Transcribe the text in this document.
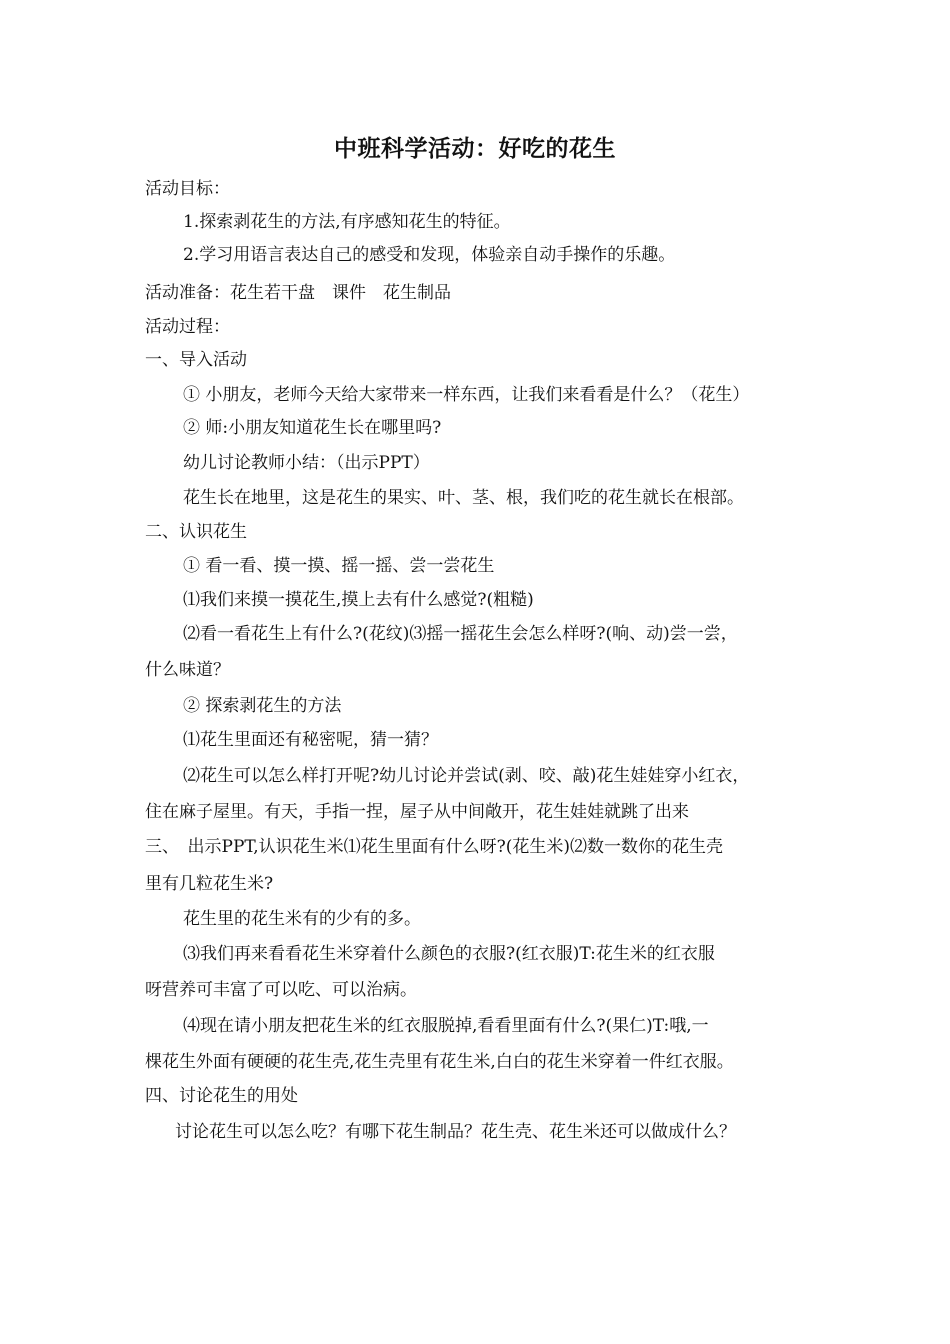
中班科学活动：好吃的花生
活动目标：
1.探索剥花生的方法,有序感知花生的特征。
2.学习用语言表达自己的感受和发现，体验亲自动手操作的乐趣。
活动准备：花生若干盘　课件　花生制品
活动过程：
一、导入活动
① 小朋友，老师今天给大家带来一样东西，让我们来看看是什么？（花生）
② 师:小朋友知道花生长在哪里吗?
幼儿讨论教师小结：（出示PPT）
花生长在地里，这是花生的果实、叶、茎、根，我们吃的花生就长在根部。
二、认识花生
① 看一看、摸一摸、摇一摇、尝一尝花生
⑴我们来摸一摸花生,摸上去有什么感觉?(粗糙)
⑵看一看花生上有什么?(花纹)⑶摇一摇花生会怎么样呀?(响、动)尝一尝，
什么味道？
② 探索剥花生的方法
⑴花生里面还有秘密呢，猜一猜？
⑵花生可以怎么样打开呢?幼儿讨论并尝试(剥、咬、敲)花生娃娃穿小红衣，
住在麻子屋里。有天，手指一捏，屋子从中间敞开，花生娃娃就跳了出来
三、　出示PPT,认识花生米⑴花生里面有什么呀?(花生米)⑵数一数你的花生壳
里有几粒花生米?
花生里的花生米有的少有的多。
⑶我们再来看看花生米穿着什么颜色的衣服?(红衣服)T:花生米的红衣服
呀营养可丰富了可以吃、可以治病。
⑷现在请小朋友把花生米的红衣服脱掉,看看里面有什么?(果仁)T:哦,一
棵花生外面有硬硬的花生壳,花生壳里有花生米,白白的花生米穿着一件红衣服。
四、讨论花生的用处
讨论花生可以怎么吃？有哪下花生制品？花生壳、花生米还可以做成什么？
